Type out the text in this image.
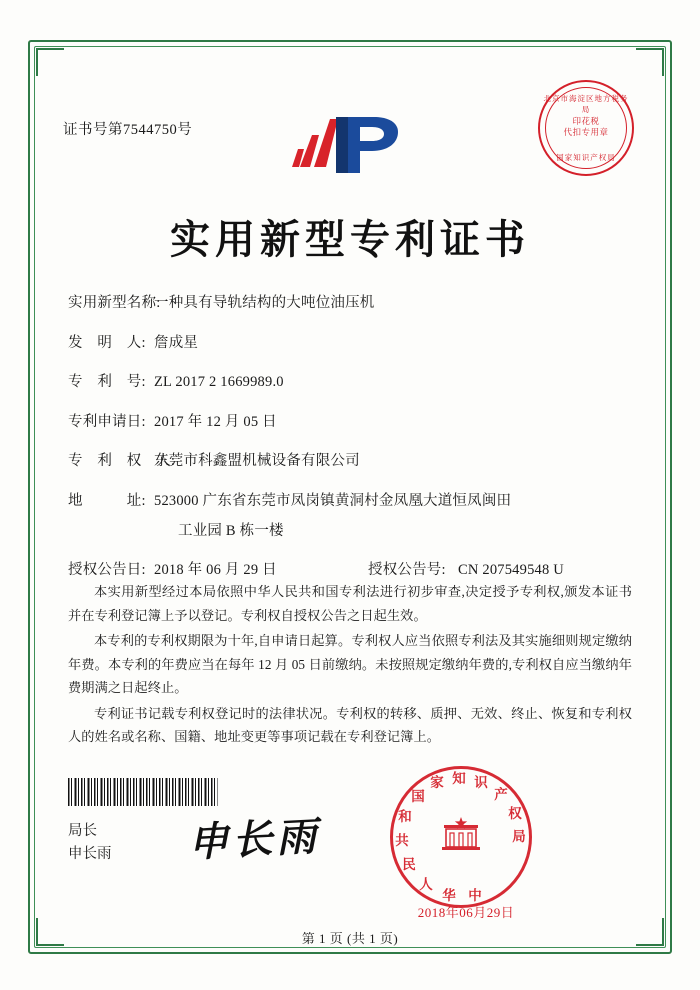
证书号第7544750号
北京市海淀区地方税务局
印花税
代扣专用章
国家知识产权局
实用新型专利证书
实用新型名称:
一种具有导轨结构的大吨位油压机
发　明　人: 詹成星
专　利　号: ZL 2017 2 1669989.0
专利申请日: 2017 年 12 月 05 日
专　利　权　人:
东莞市科鑫盟机械设备有限公司
地　　　址: 523000 广东省东莞市凤岗镇黄洞村金凤凰大道恒凤闽田
工业园 B 栋一楼
授权公告日: 2018 年 06 月 29 日	授权公告号: CN 207549548 U

本实用新型经过本局依照中华人民共和国专利法进行初步审查,决定授予专利权,颁发本证书并在专利登记簿上予以登记。专利权自授权公告之日起生效。

本专利的专利权期限为十年,自申请日起算。专利权人应当依照专利法及其实施细则规定缴纳年费。本专利的年费应当在每年 12 月 05 日前缴纳。未按照规定缴纳年费的,专利权自应当缴纳年费期满之日起终止。

专利证书记载专利权登记时的法律状况。专利权的转移、质押、无效、终止、恢复和专利权人的姓名或名称、国籍、地址变更等事项记载在专利登记簿上。

局长
申长雨 申长雨
知 识
产
权
局
家
国
和
共
民
人
华 中
2018年06月29日
第 1 页 (共 1 页)
